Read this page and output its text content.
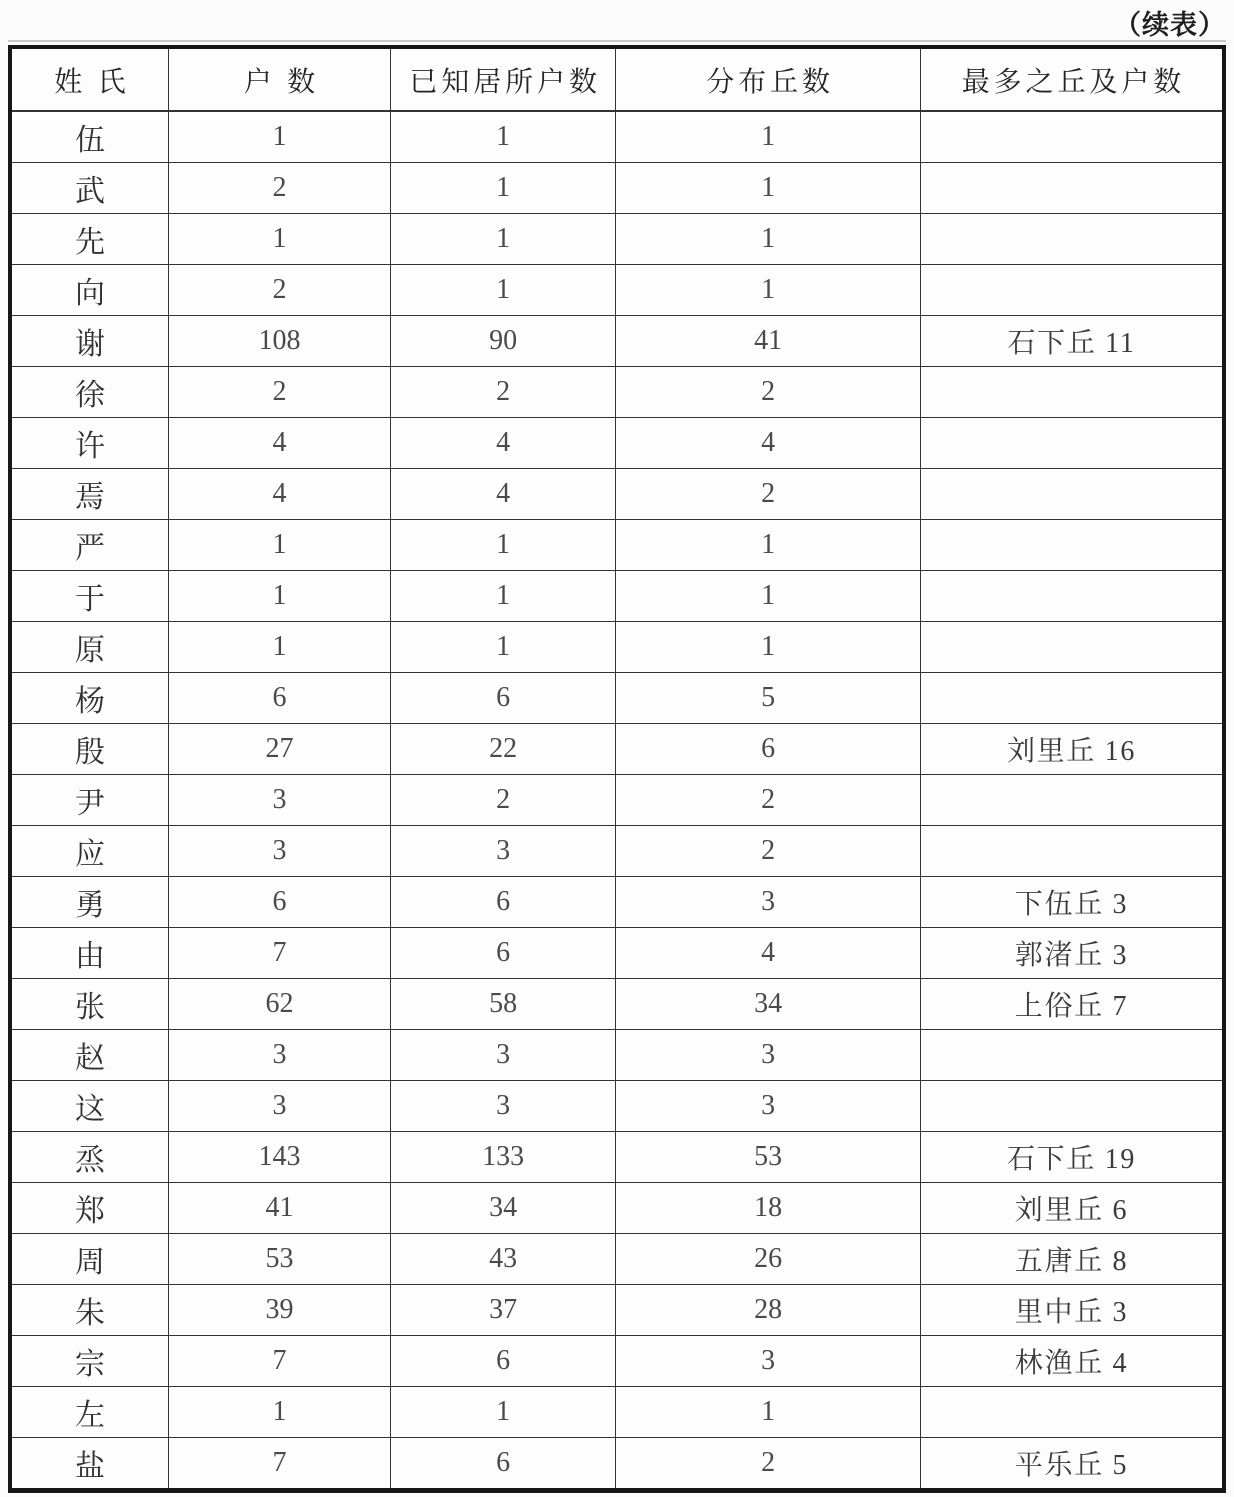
（续表）
姓氏	户数	已知居所户数	分布丘数	最多之丘及户数
伍	1	1	1	
武	2	1	1	
先	1	1	1	
向	2	1	1	
谢	108	90	41	石下丘 11
徐	2	2	2	
许	4	4	4	
焉	4	4	2	
严	1	1	1	
于	1	1	1	
原	1	1	1	
杨	6	6	5	
殷	27	22	6	刘里丘 16
尹	3	2	2	
应	3	3	2	
勇	6	6	3	下伍丘 3
由	7	6	4	郭渚丘 3
张	62	58	34	上俗丘 7
赵	3	3	3	
这	3	3	3	
烝	143	133	53	石下丘 19
郑	41	34	18	刘里丘 6
周	53	43	26	五唐丘 8
朱	39	37	28	里中丘 3
宗	7	6	3	林渔丘 4
左	1	1	1	
盐	7	6	2	平乐丘 5
